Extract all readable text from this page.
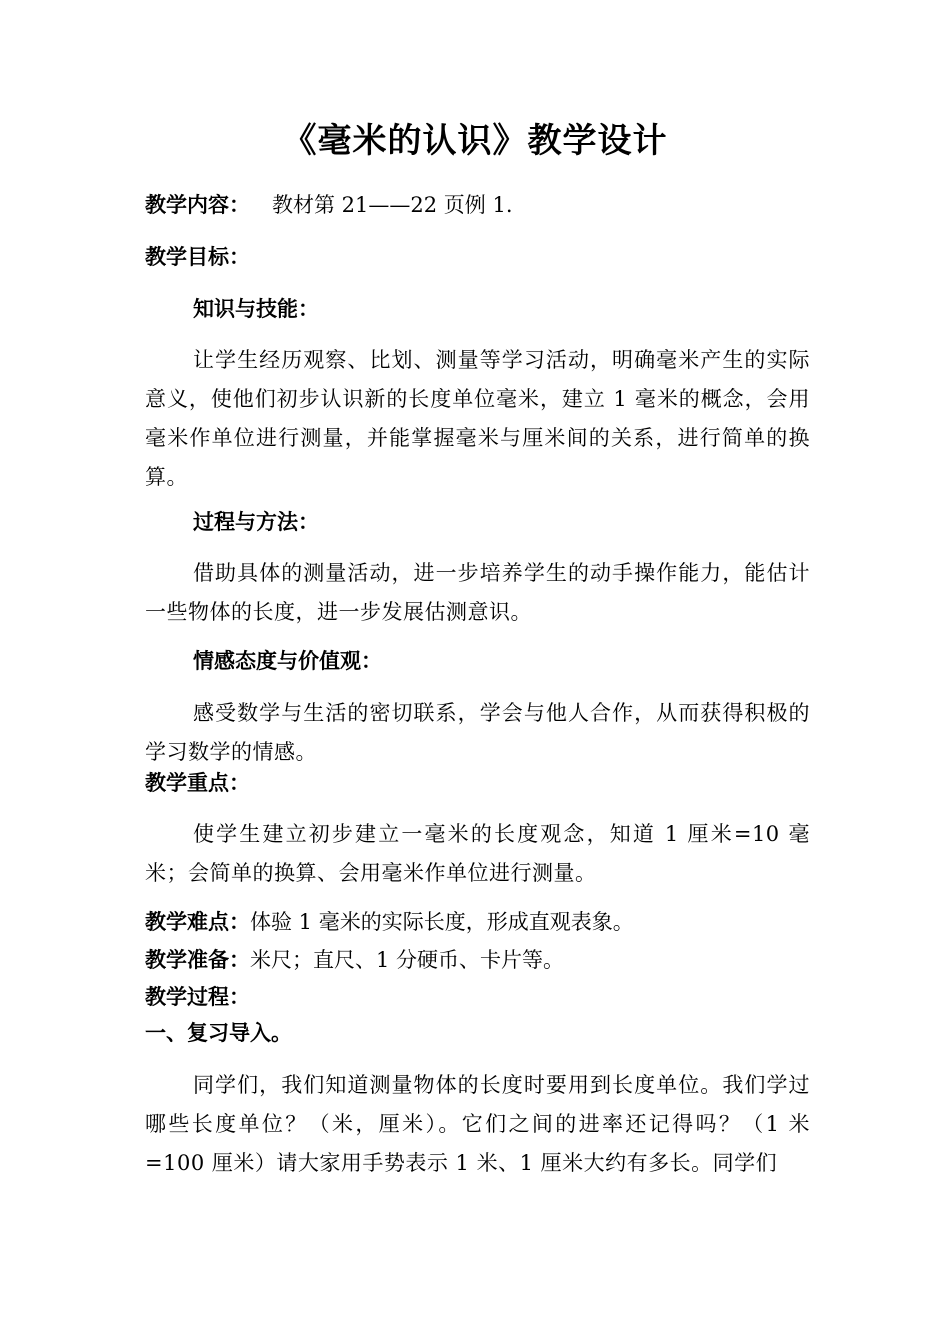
《毫米的认识》教学设计
教学内容： 教材第 21——22 页例 1.
教学目标：
知识与技能：
让学生经历观察、比划、测量等学习活动，明确毫米产生的实际意义，使他们初步认识新的长度单位毫米，建立 1 毫米的概念，会用毫米作单位进行测量，并能掌握毫米与厘米间的关系，进行简单的换算。
过程与方法：
借助具体的测量活动，进一步培养学生的动手操作能力，能估计一些物体的长度，进一步发展估测意识。
情感态度与价值观：
感受数学与生活的密切联系，学会与他人合作，从而获得积极的学习数学的情感。
教学重点：
使学生建立初步建立一毫米的长度观念，知道 1 厘米=10 毫米；会简单的换算、会用毫米作单位进行测量。
教学难点：体验 1 毫米的实际长度，形成直观表象。
教学准备：米尺；直尺、1 分硬币、卡片等。
教学过程：
一、复习导入。
同学们，我们知道测量物体的长度时要用到长度单位。我们学过哪些长度单位？（米，厘米）。它们之间的进率还记得吗？（1 米=100 厘米）请大家用手势表示 1 米、1 厘米大约有多长。同学们
